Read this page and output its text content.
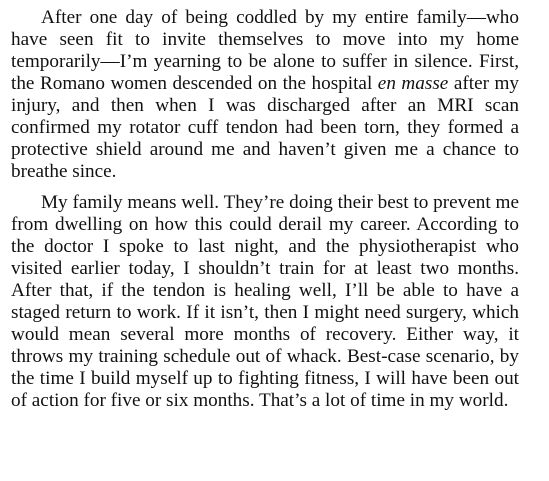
After one day of being coddled by my entire family—who have seen fit to invite themselves to move into my home temporarily—I’m yearning to be alone to suffer in silence. First, the Romano women descended on the hospital en masse after my injury, and then when I was discharged after an MRI scan confirmed my rotator cuff tendon had been torn, they formed a protective shield around me and haven’t given me a chance to breathe since.

My family means well. They’re doing their best to prevent me from dwelling on how this could derail my career. According to the doctor I spoke to last night, and the physiotherapist who visited earlier today, I shouldn’t train for at least two months. After that, if the tendon is healing well, I’ll be able to have a staged return to work. If it isn’t, then I might need surgery, which would mean several more months of recovery. Either way, it throws my training schedule out of whack. Best-case scenario, by the time I build myself up to fighting fitness, I will have been out of action for five or six months. That’s a lot of time in my world.
